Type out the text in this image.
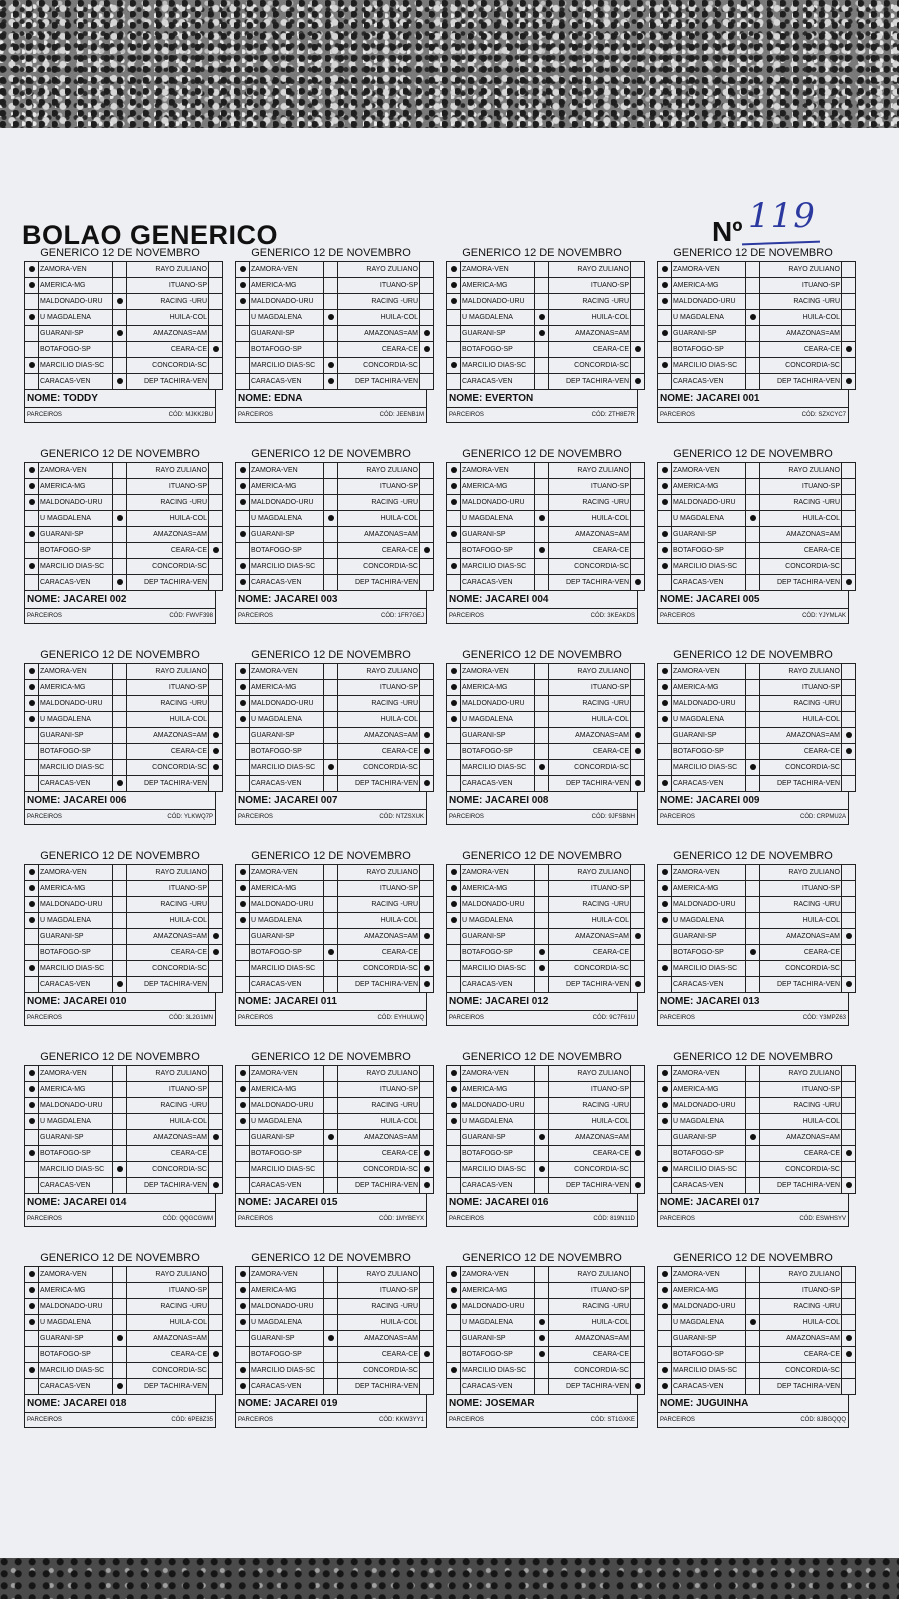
BOLAO GENERICO	Nº 119
GENERICO 12 DE NOVEMBRO
	ZAMORA-VEN		RAYO ZULIANO	
	AMERICA-MG		ITUANO-SP	
	MALDONADO-URU		RACING -URU	
	U MAGDALENA		HUILA-COL	
	GUARANI-SP		AMAZONAS=AM	
	BOTAFOGO-SP		CEARA-CE	
	MARCILIO DIAS-SC		CONCORDIA-SC	
	CARACAS-VEN		DEP TACHIRA-VEN	
NOME: TODDY
PARCEIROS	CÓD: MJKK2BU
GENERICO 12 DE NOVEMBRO
	ZAMORA-VEN		RAYO ZULIANO	
	AMERICA-MG		ITUANO-SP	
	MALDONADO-URU		RACING -URU	
	U MAGDALENA		HUILA-COL	
	GUARANI-SP		AMAZONAS=AM	
	BOTAFOGO-SP		CEARA-CE	
	MARCILIO DIAS-SC		CONCORDIA-SC	
	CARACAS-VEN		DEP TACHIRA-VEN	
NOME: EDNA
PARCEIROS	CÓD: JEENB1M
GENERICO 12 DE NOVEMBRO
	ZAMORA-VEN		RAYO ZULIANO	
	AMERICA-MG		ITUANO-SP	
	MALDONADO-URU		RACING -URU	
	U MAGDALENA		HUILA-COL	
	GUARANI-SP		AMAZONAS=AM	
	BOTAFOGO-SP		CEARA-CE	
	MARCILIO DIAS-SC		CONCORDIA-SC	
	CARACAS-VEN		DEP TACHIRA-VEN	
NOME: EVERTON
PARCEIROS	CÓD: ZTH8E7R
GENERICO 12 DE NOVEMBRO
	ZAMORA-VEN		RAYO ZULIANO	
	AMERICA-MG		ITUANO-SP	
	MALDONADO-URU		RACING -URU	
	U MAGDALENA		HUILA-COL	
	GUARANI-SP		AMAZONAS=AM	
	BOTAFOGO-SP		CEARA-CE	
	MARCILIO DIAS-SC		CONCORDIA-SC	
	CARACAS-VEN		DEP TACHIRA-VEN	
NOME: JACAREI 001
PARCEIROS	CÓD: SZXCYC7
GENERICO 12 DE NOVEMBRO
	ZAMORA-VEN		RAYO ZULIANO	
	AMERICA-MG		ITUANO-SP	
	MALDONADO-URU		RACING -URU	
	U MAGDALENA		HUILA-COL	
	GUARANI-SP		AMAZONAS=AM	
	BOTAFOGO-SP		CEARA-CE	
	MARCILIO DIAS-SC		CONCORDIA-SC	
	CARACAS-VEN		DEP TACHIRA-VEN	
NOME: JACAREI 002
PARCEIROS	CÓD: FWVF398
GENERICO 12 DE NOVEMBRO
	ZAMORA-VEN		RAYO ZULIANO	
	AMERICA-MG		ITUANO-SP	
	MALDONADO-URU		RACING -URU	
	U MAGDALENA		HUILA-COL	
	GUARANI-SP		AMAZONAS=AM	
	BOTAFOGO-SP		CEARA-CE	
	MARCILIO DIAS-SC		CONCORDIA-SC	
	CARACAS-VEN		DEP TACHIRA-VEN	
NOME: JACAREI 003
PARCEIROS	CÓD: 1FR7GEJ
GENERICO 12 DE NOVEMBRO
	ZAMORA-VEN		RAYO ZULIANO	
	AMERICA-MG		ITUANO-SP	
	MALDONADO-URU		RACING -URU	
	U MAGDALENA		HUILA-COL	
	GUARANI-SP		AMAZONAS=AM	
	BOTAFOGO-SP		CEARA-CE	
	MARCILIO DIAS-SC		CONCORDIA-SC	
	CARACAS-VEN		DEP TACHIRA-VEN	
NOME: JACAREI 004
PARCEIROS	CÓD: 3KEAKDS
GENERICO 12 DE NOVEMBRO
	ZAMORA-VEN		RAYO ZULIANO	
	AMERICA-MG		ITUANO-SP	
	MALDONADO-URU		RACING -URU	
	U MAGDALENA		HUILA-COL	
	GUARANI-SP		AMAZONAS=AM	
	BOTAFOGO-SP		CEARA-CE	
	MARCILIO DIAS-SC		CONCORDIA-SC	
	CARACAS-VEN		DEP TACHIRA-VEN	
NOME: JACAREI 005
PARCEIROS	CÓD: YJYMLAK
GENERICO 12 DE NOVEMBRO
	ZAMORA-VEN		RAYO ZULIANO	
	AMERICA-MG		ITUANO-SP	
	MALDONADO-URU		RACING -URU	
	U MAGDALENA		HUILA-COL	
	GUARANI-SP		AMAZONAS=AM	
	BOTAFOGO-SP		CEARA-CE	
	MARCILIO DIAS-SC		CONCORDIA-SC	
	CARACAS-VEN		DEP TACHIRA-VEN	
NOME: JACAREI 006
PARCEIROS	CÓD: YLKWQ7P
GENERICO 12 DE NOVEMBRO
	ZAMORA-VEN		RAYO ZULIANO	
	AMERICA-MG		ITUANO-SP	
	MALDONADO-URU		RACING -URU	
	U MAGDALENA		HUILA-COL	
	GUARANI-SP		AMAZONAS=AM	
	BOTAFOGO-SP		CEARA-CE	
	MARCILIO DIAS-SC		CONCORDIA-SC	
	CARACAS-VEN		DEP TACHIRA-VEN	
NOME: JACAREI 007
PARCEIROS	CÓD: NTZSXUK
GENERICO 12 DE NOVEMBRO
	ZAMORA-VEN		RAYO ZULIANO	
	AMERICA-MG		ITUANO-SP	
	MALDONADO-URU		RACING -URU	
	U MAGDALENA		HUILA-COL	
	GUARANI-SP		AMAZONAS=AM	
	BOTAFOGO-SP		CEARA-CE	
	MARCILIO DIAS-SC		CONCORDIA-SC	
	CARACAS-VEN		DEP TACHIRA-VEN	
NOME: JACAREI 008
PARCEIROS	CÓD: 9JFSBNH
GENERICO 12 DE NOVEMBRO
	ZAMORA-VEN		RAYO ZULIANO	
	AMERICA-MG		ITUANO-SP	
	MALDONADO-URU		RACING -URU	
	U MAGDALENA		HUILA-COL	
	GUARANI-SP		AMAZONAS=AM	
	BOTAFOGO-SP		CEARA-CE	
	MARCILIO DIAS-SC		CONCORDIA-SC	
	CARACAS-VEN		DEP TACHIRA-VEN	
NOME: JACAREI 009
PARCEIROS	CÓD: CRPMU2A
GENERICO 12 DE NOVEMBRO
	ZAMORA-VEN		RAYO ZULIANO	
	AMERICA-MG		ITUANO-SP	
	MALDONADO-URU		RACING -URU	
	U MAGDALENA		HUILA-COL	
	GUARANI-SP		AMAZONAS=AM	
	BOTAFOGO-SP		CEARA-CE	
	MARCILIO DIAS-SC		CONCORDIA-SC	
	CARACAS-VEN		DEP TACHIRA-VEN	
NOME: JACAREI 010
PARCEIROS	CÓD: 3L2G1MN
GENERICO 12 DE NOVEMBRO
	ZAMORA-VEN		RAYO ZULIANO	
	AMERICA-MG		ITUANO-SP	
	MALDONADO-URU		RACING -URU	
	U MAGDALENA		HUILA-COL	
	GUARANI-SP		AMAZONAS=AM	
	BOTAFOGO-SP		CEARA-CE	
	MARCILIO DIAS-SC		CONCORDIA-SC	
	CARACAS-VEN		DEP TACHIRA-VEN	
NOME: JACAREI 011
PARCEIROS	CÓD: EYHULWQ
GENERICO 12 DE NOVEMBRO
	ZAMORA-VEN		RAYO ZULIANO	
	AMERICA-MG		ITUANO-SP	
	MALDONADO-URU		RACING -URU	
	U MAGDALENA		HUILA-COL	
	GUARANI-SP		AMAZONAS=AM	
	BOTAFOGO-SP		CEARA-CE	
	MARCILIO DIAS-SC		CONCORDIA-SC	
	CARACAS-VEN		DEP TACHIRA-VEN	
NOME: JACAREI 012
PARCEIROS	CÓD: 9C7F61U
GENERICO 12 DE NOVEMBRO
	ZAMORA-VEN		RAYO ZULIANO	
	AMERICA-MG		ITUANO-SP	
	MALDONADO-URU		RACING -URU	
	U MAGDALENA		HUILA-COL	
	GUARANI-SP		AMAZONAS=AM	
	BOTAFOGO-SP		CEARA-CE	
	MARCILIO DIAS-SC		CONCORDIA-SC	
	CARACAS-VEN		DEP TACHIRA-VEN	
NOME: JACAREI 013
PARCEIROS	CÓD: Y3MPZ63
GENERICO 12 DE NOVEMBRO
	ZAMORA-VEN		RAYO ZULIANO	
	AMERICA-MG		ITUANO-SP	
	MALDONADO-URU		RACING -URU	
	U MAGDALENA		HUILA-COL	
	GUARANI-SP		AMAZONAS=AM	
	BOTAFOGO-SP		CEARA-CE	
	MARCILIO DIAS-SC		CONCORDIA-SC	
	CARACAS-VEN		DEP TACHIRA-VEN	
NOME: JACAREI 014
PARCEIROS	CÓD: QQGCGWM
GENERICO 12 DE NOVEMBRO
	ZAMORA-VEN		RAYO ZULIANO	
	AMERICA-MG		ITUANO-SP	
	MALDONADO-URU		RACING -URU	
	U MAGDALENA		HUILA-COL	
	GUARANI-SP		AMAZONAS=AM	
	BOTAFOGO-SP		CEARA-CE	
	MARCILIO DIAS-SC		CONCORDIA-SC	
	CARACAS-VEN		DEP TACHIRA-VEN	
NOME: JACAREI 015
PARCEIROS	CÓD: 1MYBEYX
GENERICO 12 DE NOVEMBRO
	ZAMORA-VEN		RAYO ZULIANO	
	AMERICA-MG		ITUANO-SP	
	MALDONADO-URU		RACING -URU	
	U MAGDALENA		HUILA-COL	
	GUARANI-SP		AMAZONAS=AM	
	BOTAFOGO-SP		CEARA-CE	
	MARCILIO DIAS-SC		CONCORDIA-SC	
	CARACAS-VEN		DEP TACHIRA-VEN	
NOME: JACAREI 016
PARCEIROS	CÓD: 819N11D
GENERICO 12 DE NOVEMBRO
	ZAMORA-VEN		RAYO ZULIANO	
	AMERICA-MG		ITUANO-SP	
	MALDONADO-URU		RACING -URU	
	U MAGDALENA		HUILA-COL	
	GUARANI-SP		AMAZONAS=AM	
	BOTAFOGO-SP		CEARA-CE	
	MARCILIO DIAS-SC		CONCORDIA-SC	
	CARACAS-VEN		DEP TACHIRA-VEN	
NOME: JACAREI 017
PARCEIROS	CÓD: ESWHSYV
GENERICO 12 DE NOVEMBRO
	ZAMORA-VEN		RAYO ZULIANO	
	AMERICA-MG		ITUANO-SP	
	MALDONADO-URU		RACING -URU	
	U MAGDALENA		HUILA-COL	
	GUARANI-SP		AMAZONAS=AM	
	BOTAFOGO-SP		CEARA-CE	
	MARCILIO DIAS-SC		CONCORDIA-SC	
	CARACAS-VEN		DEP TACHIRA-VEN	
NOME: JACAREI 018
PARCEIROS	CÓD: 6PE8Z35
GENERICO 12 DE NOVEMBRO
	ZAMORA-VEN		RAYO ZULIANO	
	AMERICA-MG		ITUANO-SP	
	MALDONADO-URU		RACING -URU	
	U MAGDALENA		HUILA-COL	
	GUARANI-SP		AMAZONAS=AM	
	BOTAFOGO-SP		CEARA-CE	
	MARCILIO DIAS-SC		CONCORDIA-SC	
	CARACAS-VEN		DEP TACHIRA-VEN	
NOME: JACAREI 019
PARCEIROS	CÓD: KKW3YY1
GENERICO 12 DE NOVEMBRO
	ZAMORA-VEN		RAYO ZULIANO	
	AMERICA-MG		ITUANO-SP	
	MALDONADO-URU		RACING -URU	
	U MAGDALENA		HUILA-COL	
	GUARANI-SP		AMAZONAS=AM	
	BOTAFOGO-SP		CEARA-CE	
	MARCILIO DIAS-SC		CONCORDIA-SC	
	CARACAS-VEN		DEP TACHIRA-VEN	
NOME: JOSEMAR
PARCEIROS	CÓD: ST1GXKE
GENERICO 12 DE NOVEMBRO
	ZAMORA-VEN		RAYO ZULIANO	
	AMERICA-MG		ITUANO-SP	
	MALDONADO-URU		RACING -URU	
	U MAGDALENA		HUILA-COL	
	GUARANI-SP		AMAZONAS=AM	
	BOTAFOGO-SP		CEARA-CE	
	MARCILIO DIAS-SC		CONCORDIA-SC	
	CARACAS-VEN		DEP TACHIRA-VEN	
NOME: JUGUINHA
PARCEIROS	CÓD: 8JBGQQQ
